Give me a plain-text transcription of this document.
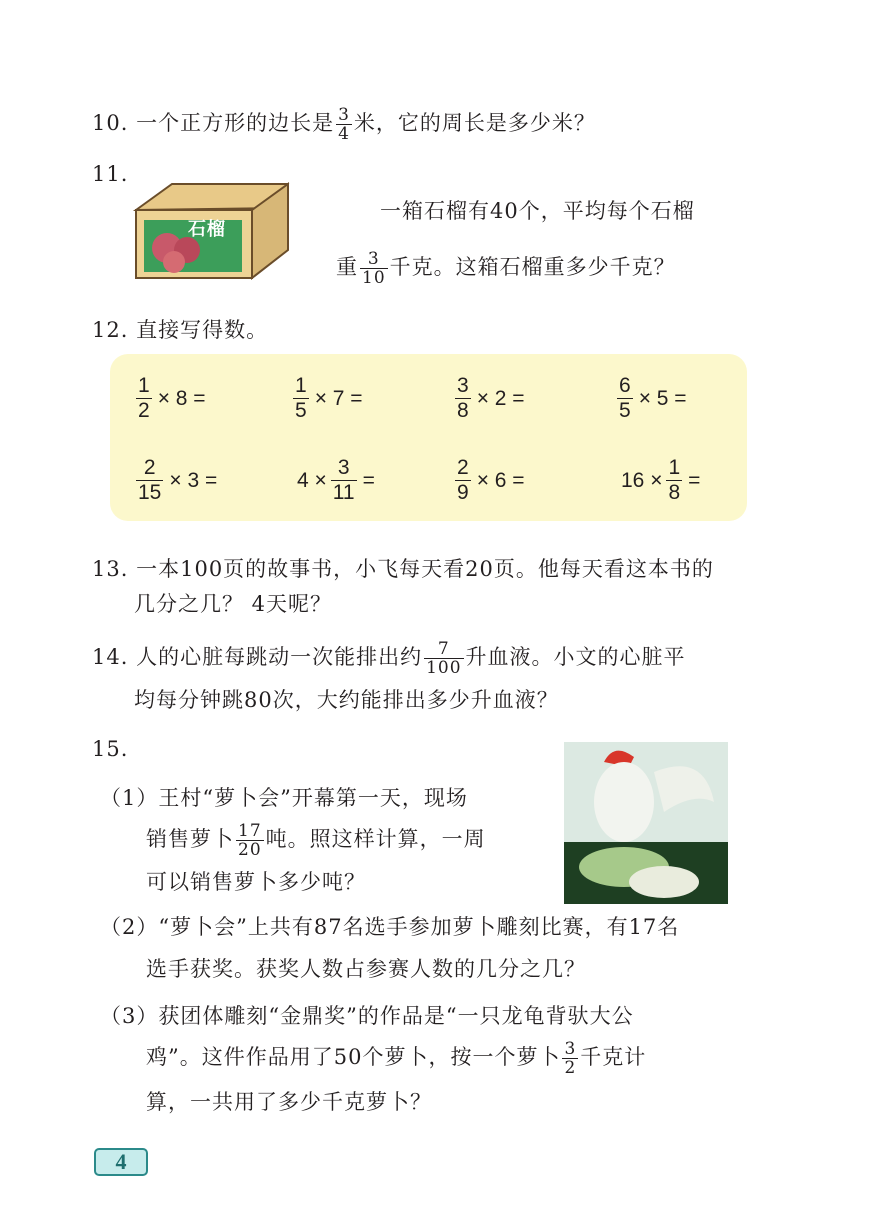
10. 一个正方形的边长是 $\frac{3}{4}$ 米，它的周长是多少米？
11.
石榴
一箱石榴有40个，平均每个石榴
重 $\frac{3}{10}$ 千克。这箱石榴重多少千克？
12. 直接写得数。
$\frac{1}{2} \times 8$ =	$\frac{1}{5} \times 7$ =	$\frac{3}{8} \times 2$ =	$\frac{6}{5} \times 5$ =
$\frac{2}{15} \times 3$ =	$4 \times \frac{3}{11}$ =	$\frac{2}{9} \times 6$ =	$16 \times \frac{1}{8}$ =
13. 一本100页的故事书，小飞每天看20页。他每天看这本书的
几分之几？ 4天呢？
14. 人的心脏每跳动一次能排出约 $\frac{7}{100}$ 升血液。小文的心脏平
均每分钟跳80次，大约能排出多少升血液？
15.
（1）王村“萝卜会”开幕第一天，现场
销售萝卜 $\frac{17}{20}$ 吨。照这样计算，一周
可以销售萝卜多少吨？
（2）“萝卜会”上共有87名选手参加萝卜雕刻比赛，有17名
选手获奖。获奖人数占参赛人数的几分之几？
（3）获团体雕刻“金鼎奖”的作品是“一只龙龟背驮大公
鸡”。这件作品用了50个萝卜，按一个萝卜 $\frac{3}{2}$ 千克计
算，一共用了多少千克萝卜？
4
